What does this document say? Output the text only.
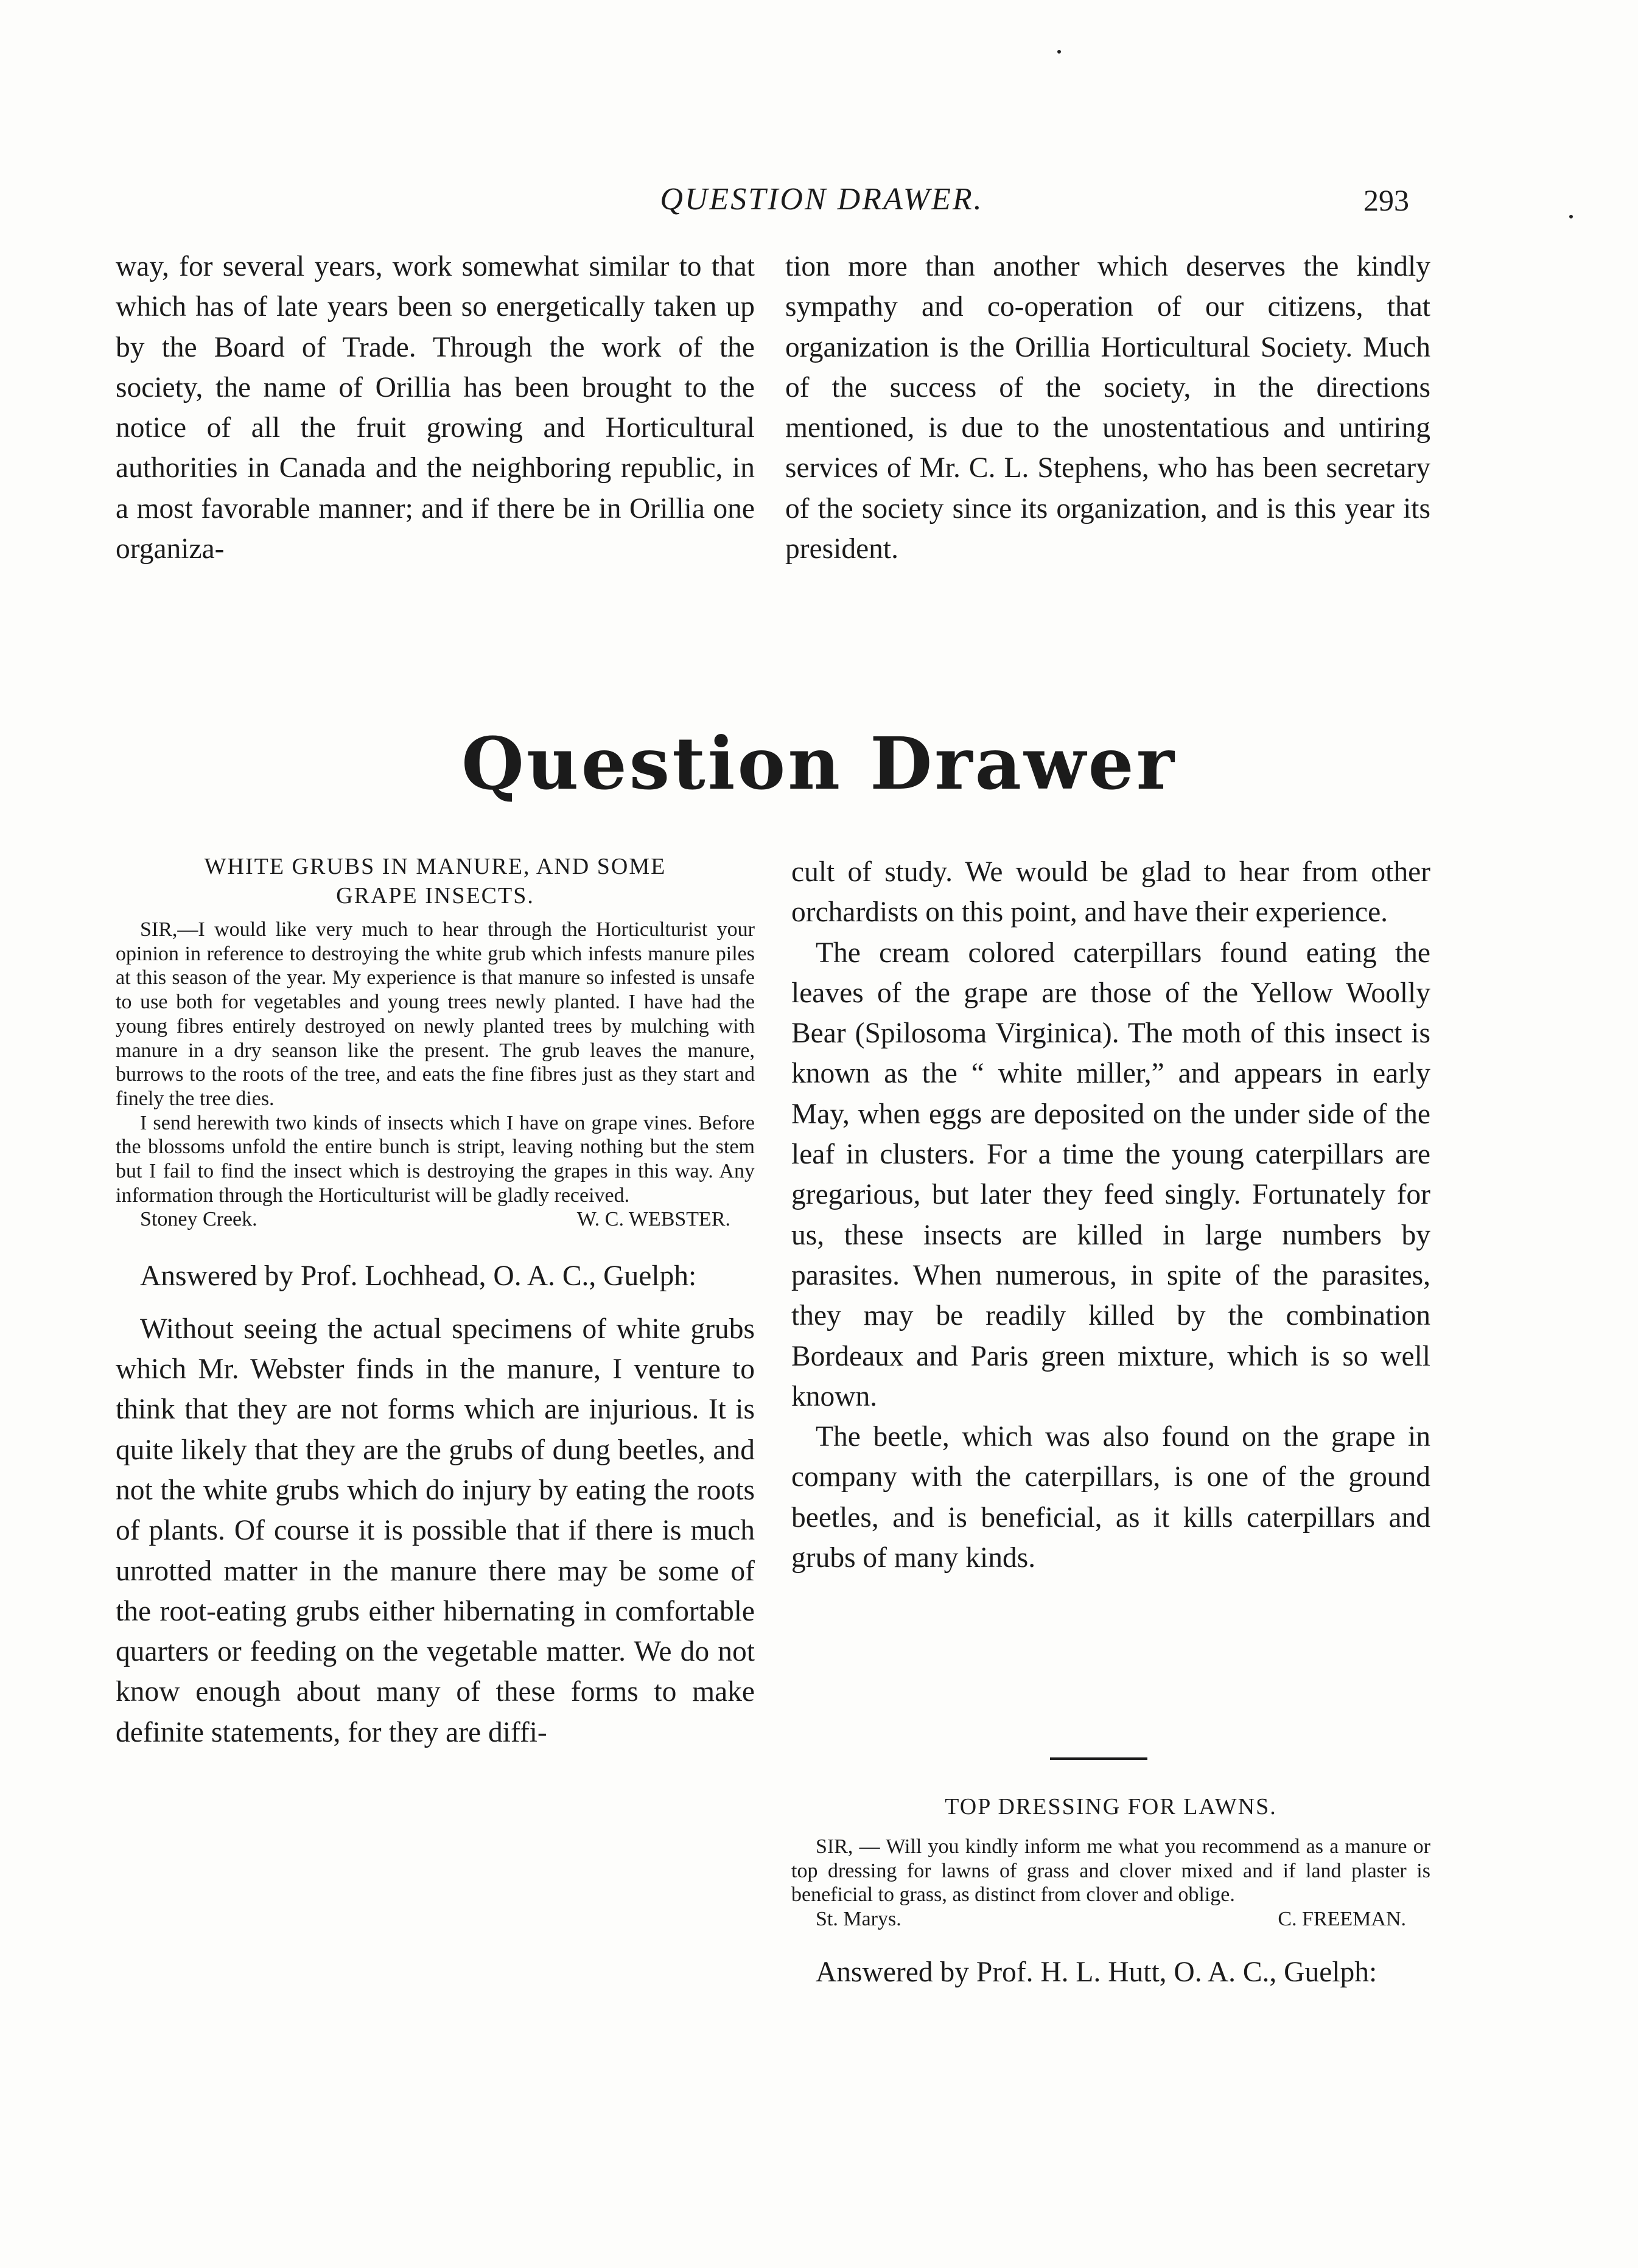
QUESTION DRAWER.	293

way, for several years, work somewhat similar to that which has of late years been so energetically taken up by the Board of Trade. Through the work of the society, the name of Orillia has been brought to the notice of all the fruit growing and Horticultural authorities in Canada and the neighboring republic, in a most favorable manner; and if there be in Orillia one organiza-

tion more than another which deserves the kindly sympathy and co-operation of our citizens, that organization is the Orillia Horticultural Society. Much of the success of the society, in the directions mentioned, is due to the unostentatious and untiring services of Mr. C. L. Stephens, who has been secretary of the society since its organization, and is this year its president.

Question Drawer
WHITE GRUBS IN MANURE, AND SOME GRAPE INSECTS.

SIR,—I would like very much to hear through the Horticulturist your opinion in reference to destroying the white grub which infests manure piles at this season of the year. My experience is that manure so infested is unsafe to use both for vegetables and young trees newly planted. I have had the young fibres entirely destroyed on newly planted trees by mulching with manure in a dry seanson like the present. The grub leaves the manure, burrows to the roots of the tree, and eats the fine fibres just as they start and finely the tree dies.

I send herewith two kinds of insects which I have on grape vines. Before the blossoms unfold the entire bunch is stript, leaving nothing but the stem but I fail to find the insect which is destroying the grapes in this way. Any information through the Horticulturist will be gladly received.

Stoney Creek.	W. C. WEBSTER.

Answered by Prof. Lochhead, O. A. C., Guelph:

Without seeing the actual specimens of white grubs which Mr. Webster finds in the manure, I venture to think that they are not forms which are injurious. It is quite likely that they are the grubs of dung beetles, and not the white grubs which do injury by eating the roots of plants. Of course it is possible that if there is much unrotted matter in the manure there may be some of the root-eating grubs either hibernating in comfortable quarters or feeding on the vegetable matter. We do not know enough about many of these forms to make definite statements, for they are diffi-

cult of study. We would be glad to hear from other orchardists on this point, and have their experience.

The cream colored caterpillars found eating the leaves of the grape are those of the Yellow Woolly Bear (Spilosoma Virginica). The moth of this insect is known as the “ white miller,” and appears in early May, when eggs are deposited on the under side of the leaf in clusters. For a time the young caterpillars are gregarious, but later they feed singly. Fortunately for us, these insects are killed in large numbers by parasites. When numerous, in spite of the parasites, they may be readily killed by the combination Bordeaux and Paris green mixture, which is so well known.

The beetle, which was also found on the grape in company with the caterpillars, is one of the ground beetles, and is beneficial, as it kills caterpillars and grubs of many kinds.

TOP DRESSING FOR LAWNS.

SIR, — Will you kindly inform me what you recommend as a manure or top dressing for lawns of grass and clover mixed and if land plaster is beneficial to grass, as distinct from clover and oblige.

St. Marys.	C. FREEMAN.

Answered by Prof. H. L. Hutt, O. A. C., Guelph:
